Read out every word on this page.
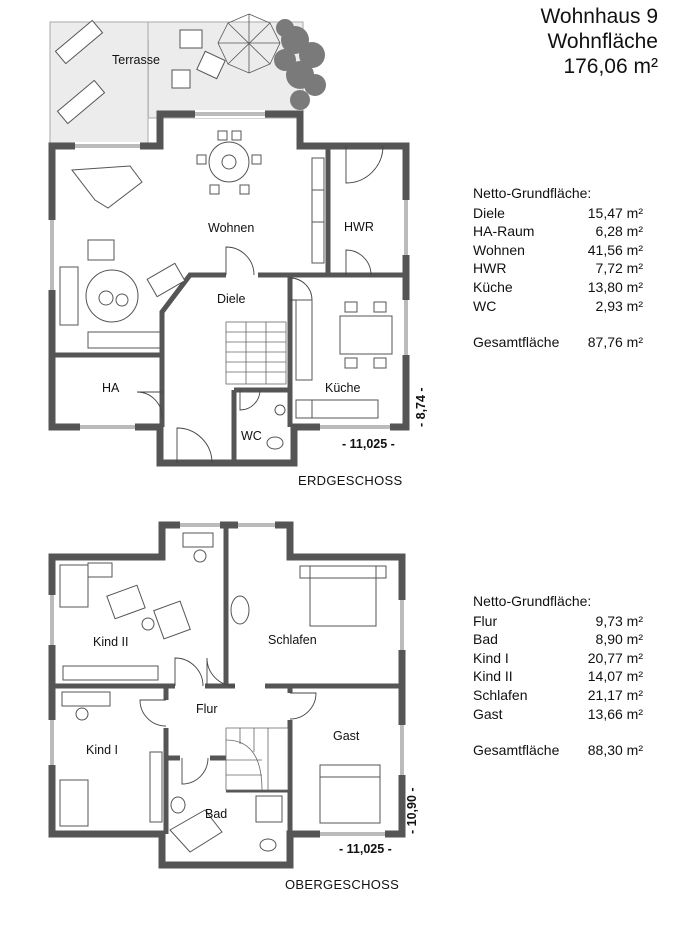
Wohnhaus 9
Wohnfläche
176,06 m²
Netto-Grundfläche:
Diele	15,47 m²
HA-Raum	6,28 m²
Wohnen	41,56 m²
HWR	7,72 m²
Küche	13,80 m²
WC	2,93 m²
Gesamtfläche 87,76 m²
Netto-Grundfläche:
Flur	9,73 m²
Bad	8,90 m²
Kind I	20,77 m²
Kind II	14,07 m²
Schlafen	21,17 m²
Gast	13,66 m²
Gesamtfläche 88,30 m²
Terrasse
Wohnen	HWR
Diele
HA	Küche
WC
- 11,025 -
- 8,74 -
ERDGESCHOSS
Kind II	Schlafen
Flur
Kind I
Gast
Bad
- 11,025 -
- 10,90 -
OBERGESCHOSS
